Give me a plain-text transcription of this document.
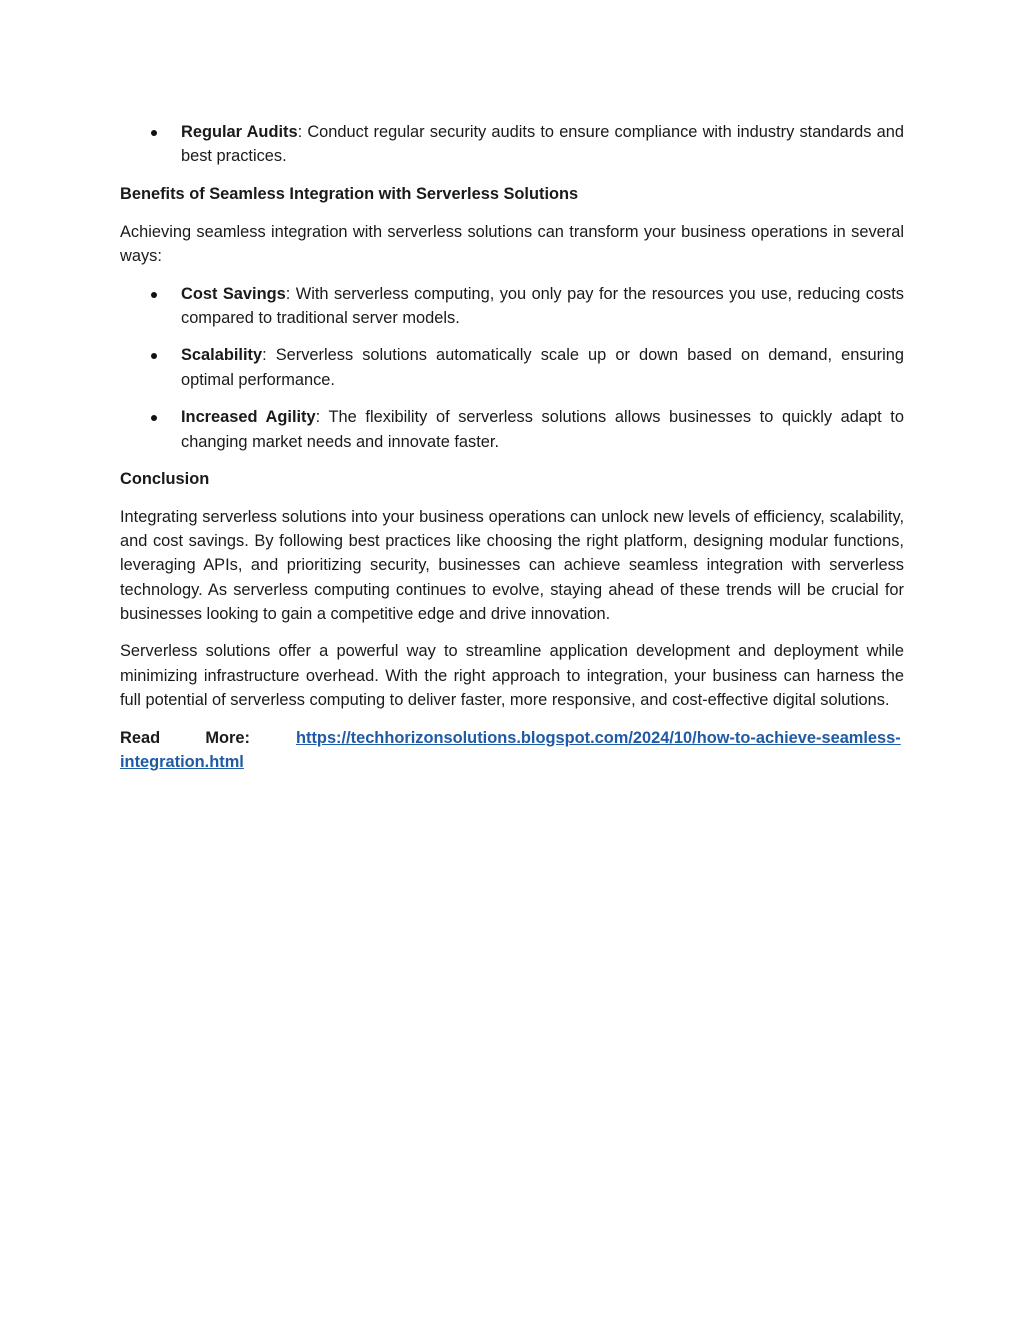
Regular Audits: Conduct regular security audits to ensure compliance with industry standards and best practices.

Benefits of Seamless Integration with Serverless Solutions

Achieving seamless integration with serverless solutions can transform your business operations in several ways:

Cost Savings: With serverless computing, you only pay for the resources you use, reducing costs compared to traditional server models.
Scalability: Serverless solutions automatically scale up or down based on demand, ensuring optimal performance.
Increased Agility: The flexibility of serverless solutions allows businesses to quickly adapt to changing market needs and innovate faster.

Conclusion

Integrating serverless solutions into your business operations can unlock new levels of efficiency, scalability, and cost savings. By following best practices like choosing the right platform, designing modular functions, leveraging APIs, and prioritizing security, businesses can achieve seamless integration with serverless technology. As serverless computing continues to evolve, staying ahead of these trends will be crucial for businesses looking to gain a competitive edge and drive innovation.

Serverless solutions offer a powerful way to streamline application development and deployment while minimizing infrastructure overhead. With the right approach to integration, your business can harness the full potential of serverless computing to deliver faster, more responsive, and cost-effective digital solutions.

Read	More:	https://techhorizonsolutions.blogspot.com/2024/10/how-to-achieve-seamless-integration.html
